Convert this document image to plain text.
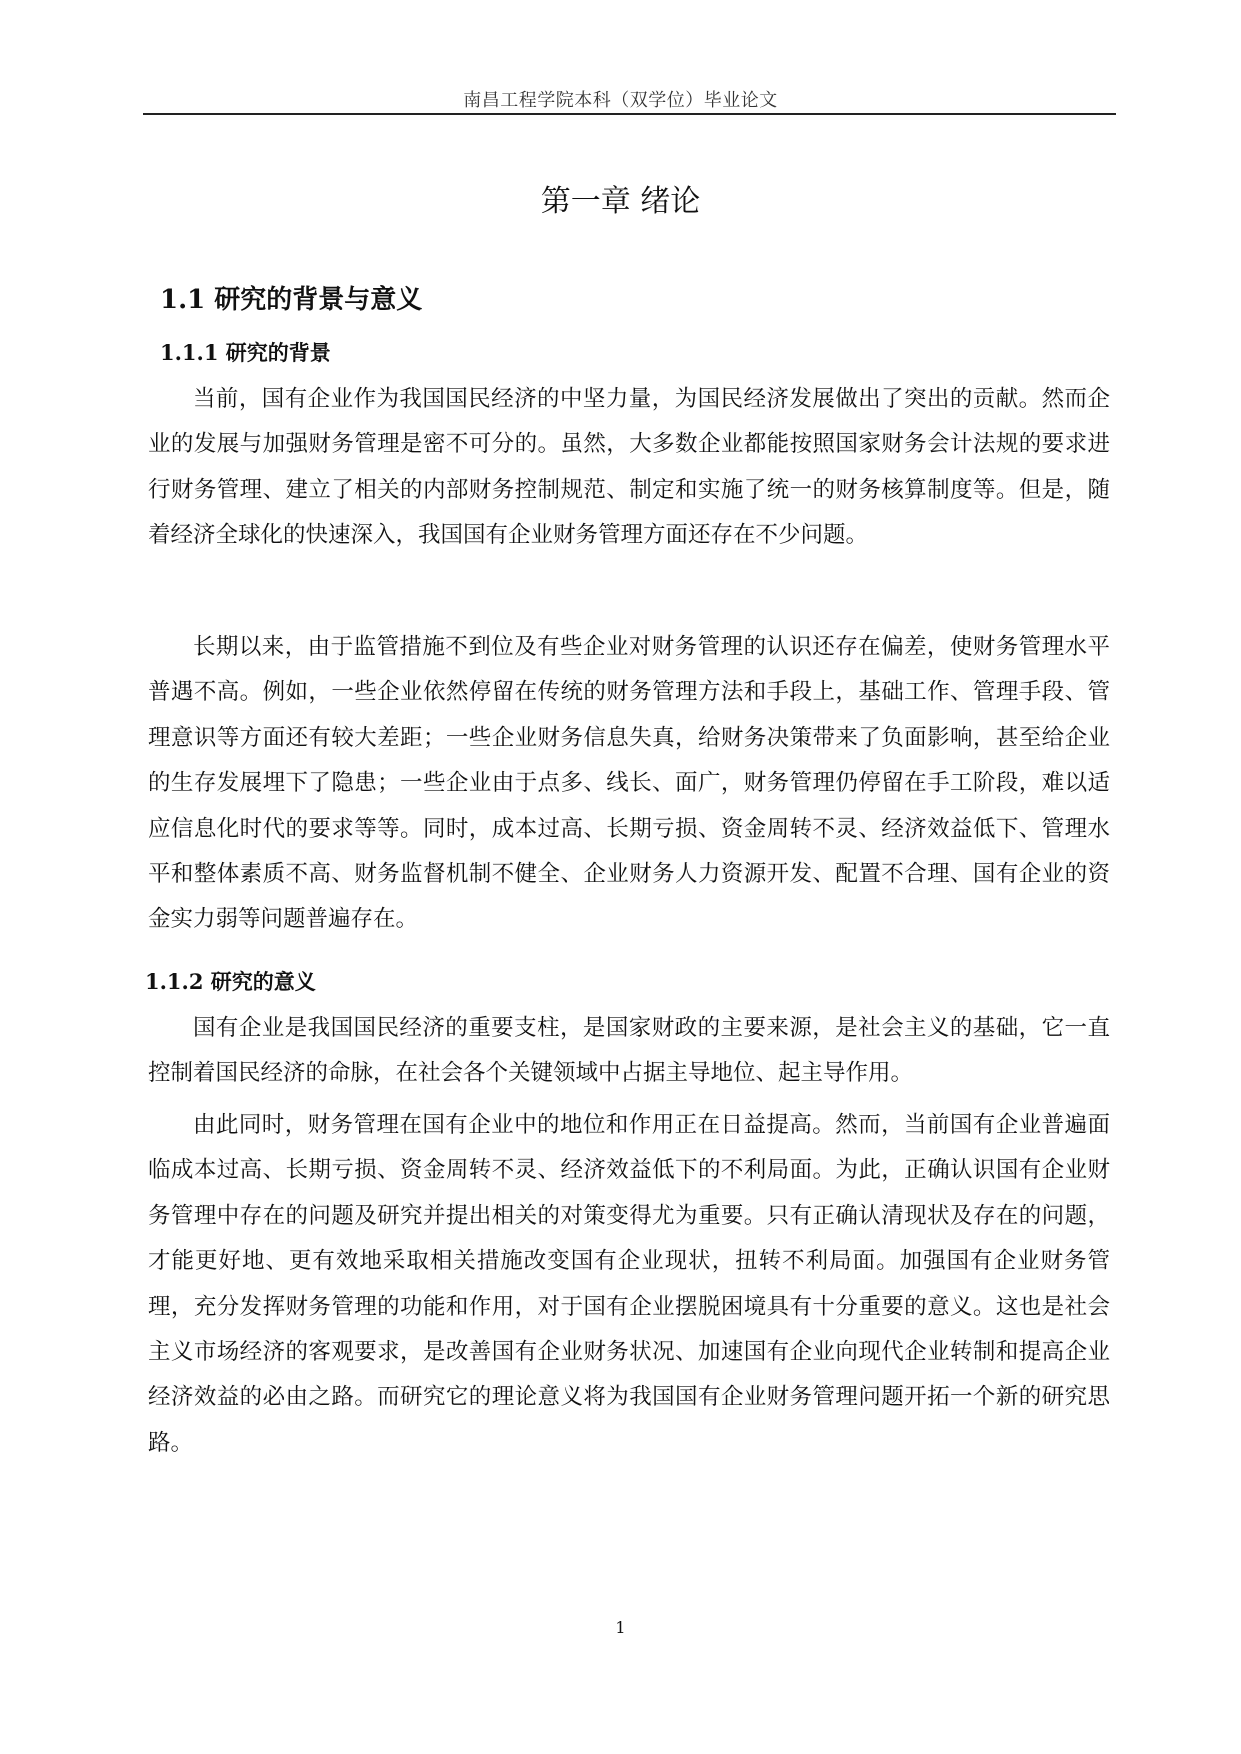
南昌工程学院本科（双学位）毕业论文

第一章 绪论
1.1 研究的背景与意义
1.1.1 研究的背景

当前，国有企业作为我国国民经济的中坚力量，为国民经济发展做出了突出的贡献。然而企业的发展与加强财务管理是密不可分的。虽然，大多数企业都能按照国家财务会计法规的要求进行财务管理、建立了相关的内部财务控制规范、制定和实施了统一的财务核算制度等。但是，随着经济全球化的快速深入，我国国有企业财务管理方面还存在不少问题。

长期以来，由于监管措施不到位及有些企业对财务管理的认识还存在偏差，使财务管理水平普遇不高。例如，一些企业依然停留在传统的财务管理方法和手段上，基础工作、管理手段、管理意识等方面还有较大差距；一些企业财务信息失真，给财务决策带来了负面影响，甚至给企业的生存发展埋下了隐患；一些企业由于点多、线长、面广，财务管理仍停留在手工阶段，难以适应信息化时代的要求等等。同时，成本过高、长期亏损、资金周转不灵、经济效益低下、管理水平和整体素质不高、财务监督机制不健全、企业财务人力资源开发、配置不合理、国有企业的资金实力弱等问题普遍存在。

1.1.2 研究的意义

国有企业是我国国民经济的重要支柱，是国家财政的主要来源，是社会主义的基础，它一直控制着国民经济的命脉，在社会各个关键领域中占据主导地位、起主导作用。

由此同时，财务管理在国有企业中的地位和作用正在日益提高。然而，当前国有企业普遍面临成本过高、长期亏损、资金周转不灵、经济效益低下的不利局面。为此，正确认识国有企业财务管理中存在的问题及研究并提出相关的对策变得尤为重要。只有正确认清现状及存在的问题，才能更好地、更有效地采取相关措施改变国有企业现状，扭转不利局面。加强国有企业财务管理，充分发挥财务管理的功能和作用，对于国有企业摆脱困境具有十分重要的意义。这也是社会主义市场经济的客观要求，是改善国有企业财务状况、加速国有企业向现代企业转制和提高企业经济效益的必由之路。而研究它的理论意义将为我国国有企业财务管理问题开拓一个新的研究思路。

1
